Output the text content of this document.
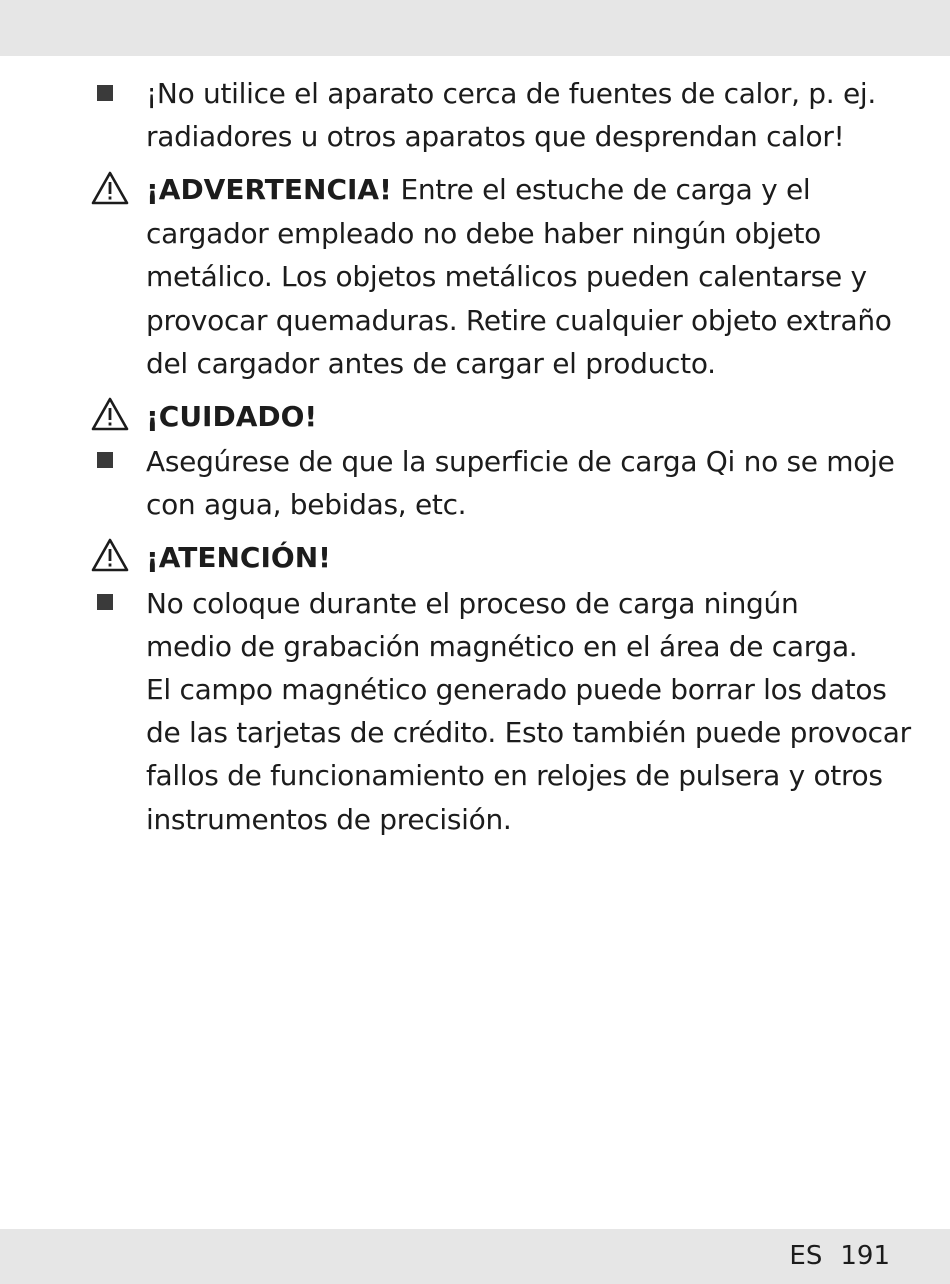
¡No utilice el aparato cerca de fuentes de calor, p. ej.
radiadores u otros aparatos que desprendan calor!
¡ADVERTENCIA! Entre el estuche de carga y el
cargador empleado no debe haber ningún objeto
metálico. Los objetos metálicos pueden calentarse y
provocar quemaduras. Retire cualquier objeto extraño
del cargador antes de cargar el producto.
¡CUIDADO!
Asegúrese de que la superficie de carga Qi no se moje
con agua, bebidas, etc.
¡ATENCIÓN!
No coloque durante el proceso de carga ningún
medio de grabación magnético en el área de carga.
El campo magnético generado puede borrar los datos
de las tarjetas de crédito. Esto también puede provocar
fallos de funcionamiento en relojes de pulsera y otros
instrumentos de precisión.
ES 191
